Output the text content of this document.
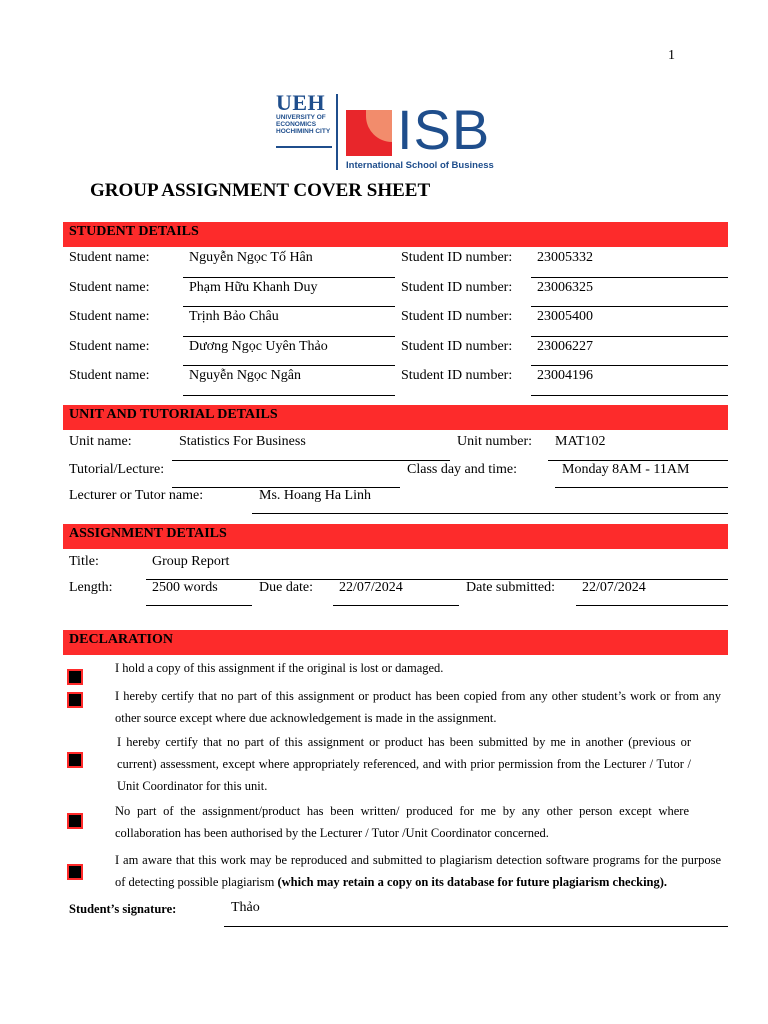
1
UEH
UNIVERSITY OF
ECONOMICS
HOCHIMINH CITY ISB
International School of Business
GROUP ASSIGNMENT COVER SHEET
STUDENT DETAILS
Student name:	Nguyễn Ngọc Tố Hân	Student ID number: 23005332
Student name:	Phạm Hữu Khanh Duy	Student ID number: 23006325
Student name:	Trịnh Bảo Châu	Student ID number: 23005400
Student name:	Dương Ngọc Uyên Thảo	Student ID number: 23006227
Student name:	Nguyễn Ngọc Ngân	Student ID number: 23004196
UNIT AND TUTORIAL DETAILS
Unit name:	Statistics For Business	Unit number: MAT102
Tutorial/Lecture:	Class day and time:	Monday 8AM - 11AM
Lecturer or Tutor name:	Ms. Hoang Ha Linh
ASSIGNMENT DETAILS
Title:	Group Report
Length:	2500 words	Due date: 22/07/2024	Date submitted: 22/07/2024
DECLARATION
I hold a copy of this assignment if the original is lost or damaged.
I hereby certify that no part of this assignment or product has been copied from any other student’s work or from any
other source except where due acknowledgement is made in the assignment.
I hereby certify that no part of this assignment or product has been submitted by me in another (previous or
current) assessment, except where appropriately referenced, and with prior permission from the Lecturer / Tutor /
Unit Coordinator for this unit.
No part of the assignment/product has been written/ produced for me by any other person except where
collaboration has been authorised by the Lecturer / Tutor /Unit Coordinator concerned.
I am aware that this work may be reproduced and submitted to plagiarism detection software programs for the purpose
of detecting possible plagiarism (which may retain a copy on its database for future plagiarism checking).
Student’s signature:	Thảo
